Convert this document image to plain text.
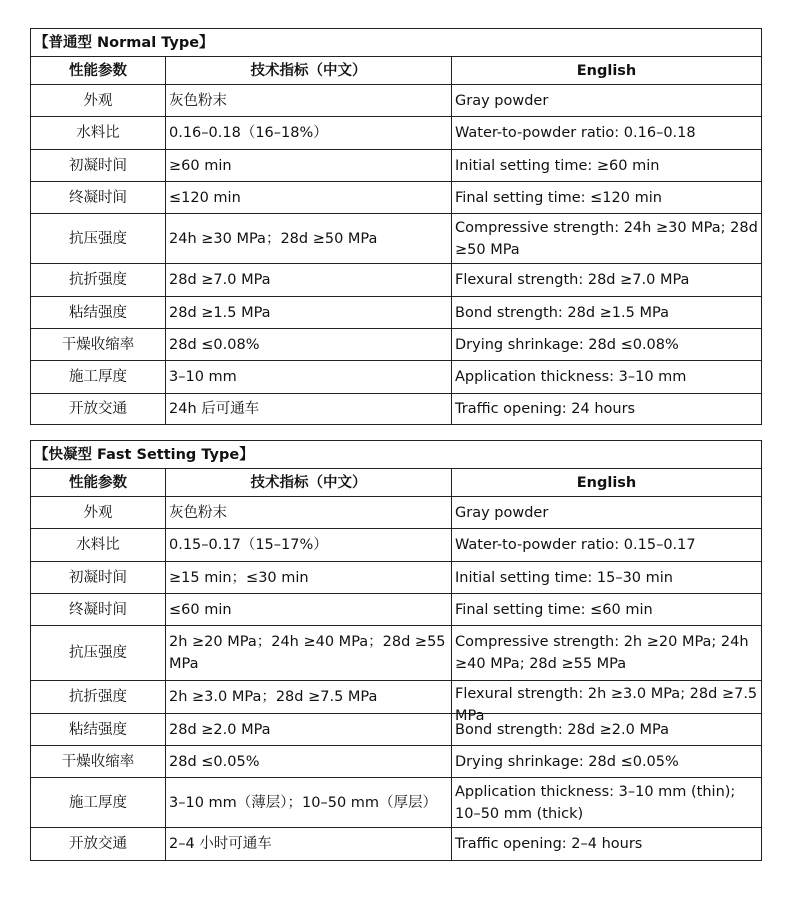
【普通型 Normal Type】		
性能参数	技术指标（中文）	English
外观	灰色粉末	Gray powder
水料比	0.16–0.18（16–18%）	Water-to-powder ratio: 0.16–0.18
初凝时间	≥60 min	Initial setting time: ≥60 min
终凝时间	≤120 min	Final setting time: ≤120 min
抗压强度	24h ≥30 MPa；28d ≥50 MPa	Compressive strength: 24h ≥30 MPa; 28d ≥50 MPa
抗折强度	28d ≥7.0 MPa	Flexural strength: 28d ≥7.0 MPa
粘结强度	28d ≥1.5 MPa	Bond strength: 28d ≥1.5 MPa
干燥收缩率	28d ≤0.08%	Drying shrinkage: 28d ≤0.08%
施工厚度	3–10 mm	Application thickness: 3–10 mm
开放交通	24h 后可通车	Traffic opening: 24 hours
【快凝型 Fast Setting Type】		
性能参数	技术指标（中文）	English
外观	灰色粉末	Gray powder
水料比	0.15–0.17（15–17%）	Water-to-powder ratio: 0.15–0.17
初凝时间	≥15 min；≤30 min	Initial setting time: 15–30 min
终凝时间	≤60 min	Final setting time: ≤60 min
抗压强度	2h ≥20 MPa；24h ≥40 MPa；28d ≥55 MPa	Compressive strength: 2h ≥20 MPa; 24h ≥40 MPa; 28d ≥55 MPa
抗折强度	2h ≥3.0 MPa；28d ≥7.5 MPa	Flexural strength: 2h ≥3.0 MPa; 28d ≥7.5 MPa

粘结强度	28d ≥2.0 MPa	Bond strength: 28d ≥2.0 MPa
干燥收缩率	28d ≤0.05%	Drying shrinkage: 28d ≤0.05%
施工厚度	3–10 mm（薄层）；10–50 mm（厚层）	Application thickness: 3–10 mm (thin); 10–50 mm (thick)
开放交通	2–4 小时可通车	Traffic opening: 2–4 hours
